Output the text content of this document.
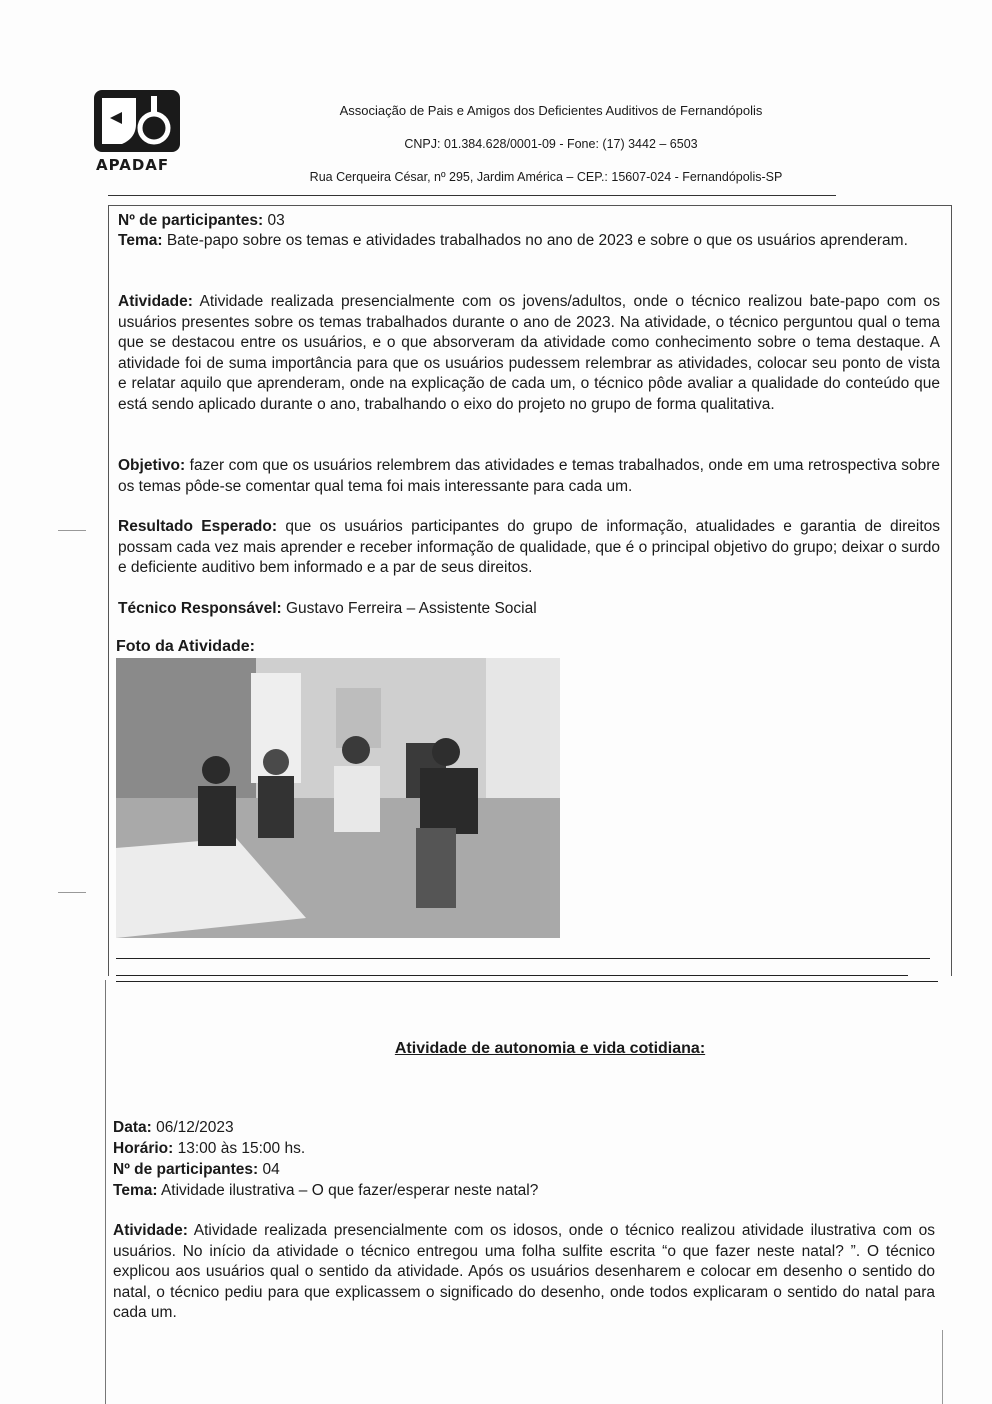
APADAF
Associação de Pais e Amigos dos Deficientes Auditivos de Fernandópolis
CNPJ: 01.384.628/0001-09 - Fone: (17) 3442 – 6503
Rua Cerqueira César, nº 295, Jardim América – CEP.: 15607-024 - Fernandópolis-SP
Nº de participantes: 03
Tema: Bate-papo sobre os temas e atividades trabalhados no ano de 2023 e sobre o que os usuários aprenderam.
Atividade: Atividade realizada presencialmente com os jovens/adultos, onde o técnico realizou bate-papo com os usuários presentes sobre os temas trabalhados durante o ano de 2023. Na atividade, o técnico perguntou qual o tema que se destacou entre os usuários, e o que absorveram da atividade como conhecimento sobre o tema destaque. A atividade foi de suma importância para que os usuários pudessem relembrar as atividades, colocar seu ponto de vista e relatar aquilo que aprenderam, onde na explicação de cada um, o técnico pôde avaliar a qualidade do conteúdo que está sendo aplicado durante o ano, trabalhando o eixo do projeto no grupo de forma qualitativa.
Objetivo: fazer com que os usuários relembrem das atividades e temas trabalhados, onde em uma retrospectiva sobre os temas pôde-se comentar qual tema foi mais interessante para cada um.
Resultado Esperado: que os usuários participantes do grupo de informação, atualidades e garantia de direitos possam cada vez mais aprender e receber informação de qualidade, que é o principal objetivo do grupo; deixar o surdo e deficiente auditivo bem informado e a par de seus direitos.
Técnico Responsável: Gustavo Ferreira – Assistente Social
Foto da Atividade:
Atividade de autonomia e vida cotidiana:
Data: 06/12/2023
Horário: 13:00 às 15:00 hs.
Nº de participantes: 04
Tema: Atividade ilustrativa – O que fazer/esperar neste natal?
Atividade: Atividade realizada presencialmente com os idosos, onde o técnico realizou atividade ilustrativa com os usuários. No início da atividade o técnico entregou uma folha sulfite escrita “o que fazer neste natal? ”. O técnico explicou aos usuários qual o sentido da atividade. Após os usuários desenharem e colocar em desenho o sentido do natal, o técnico pediu para que explicassem o significado do desenho, onde todos explicaram o sentido do natal para cada um.
